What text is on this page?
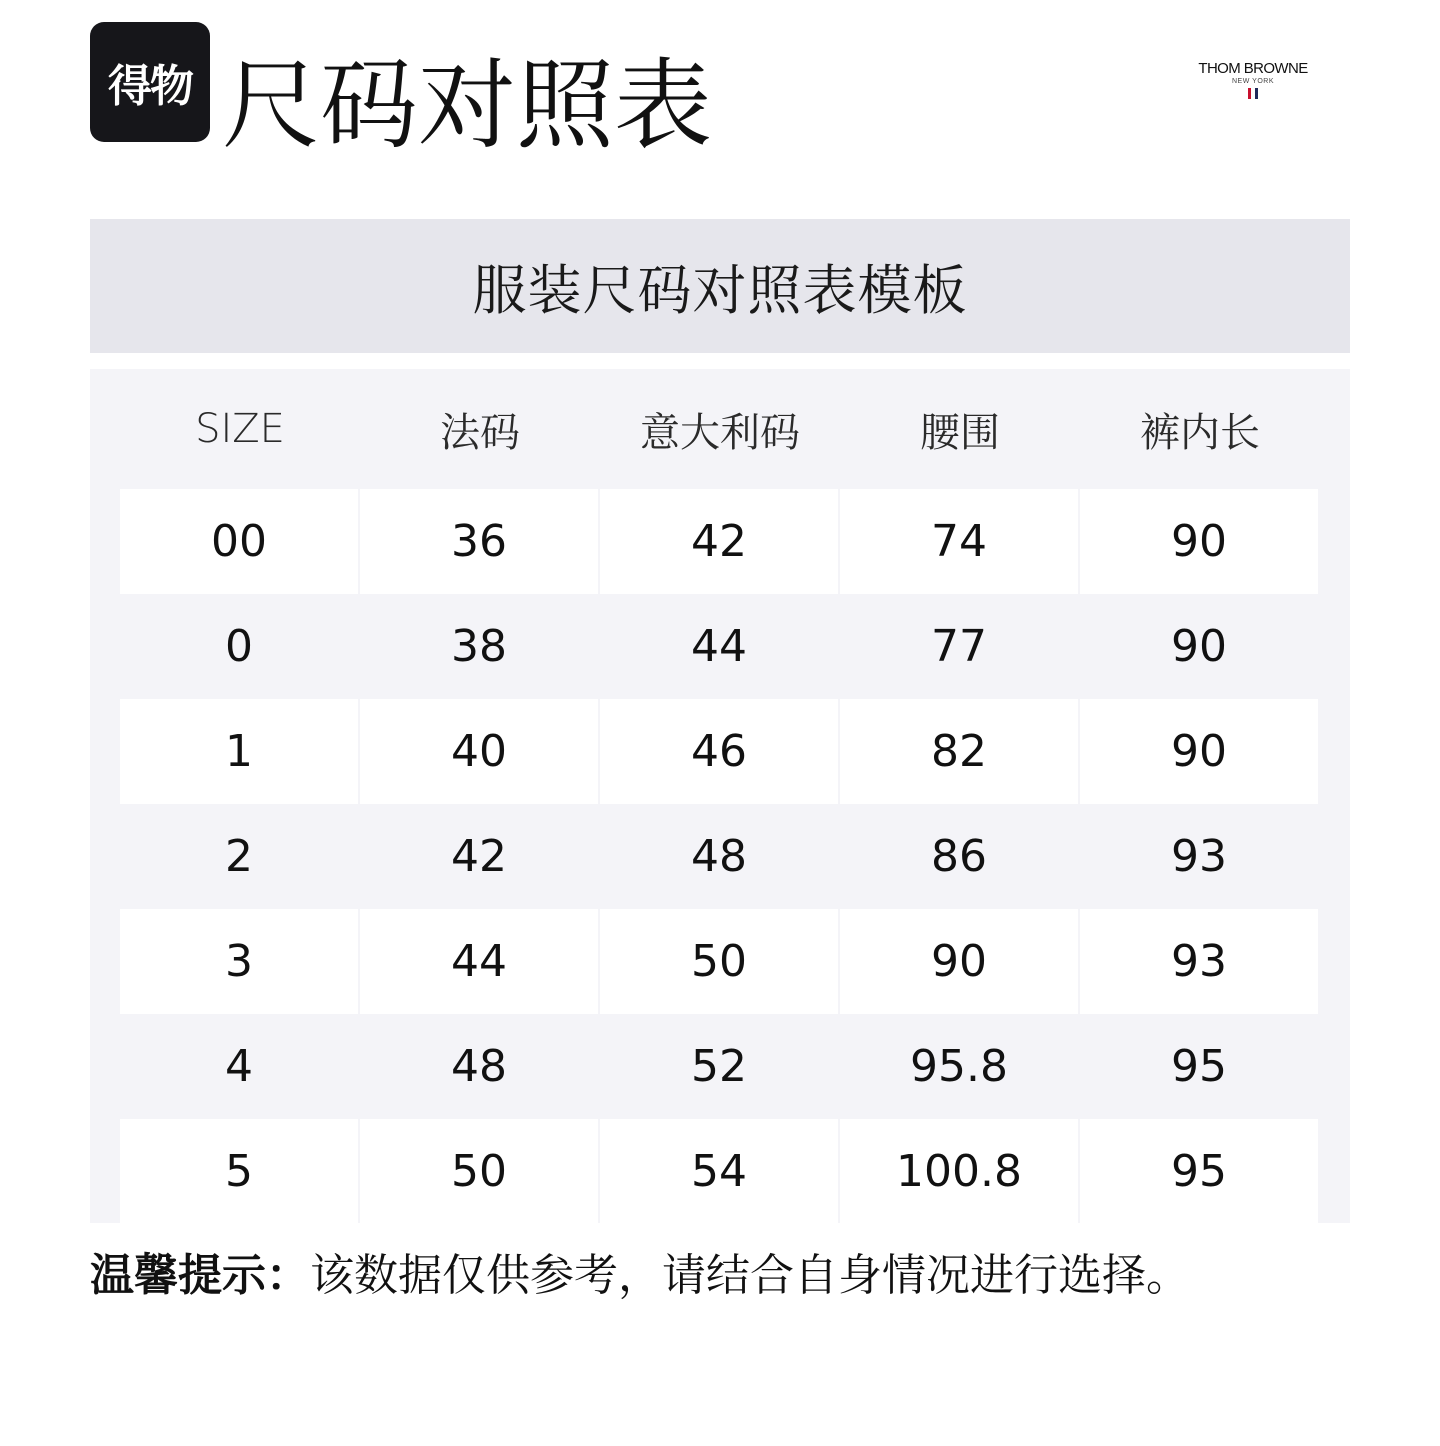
得物 尺码对照表	THOM BROWNE
NEW YORK
服装尺码对照表模板
SIZE	法码	意大利码	腰围	裤内长
00	36	42	74	90
0	38	44	77	90
1	40	46	82	90
2	42	48	86	93
3	44	50	90	93
4	48	52	95.8	95
5	50	54	100.8	95
温馨提示：该数据仅供参考，请结合自身情况进行选择。
